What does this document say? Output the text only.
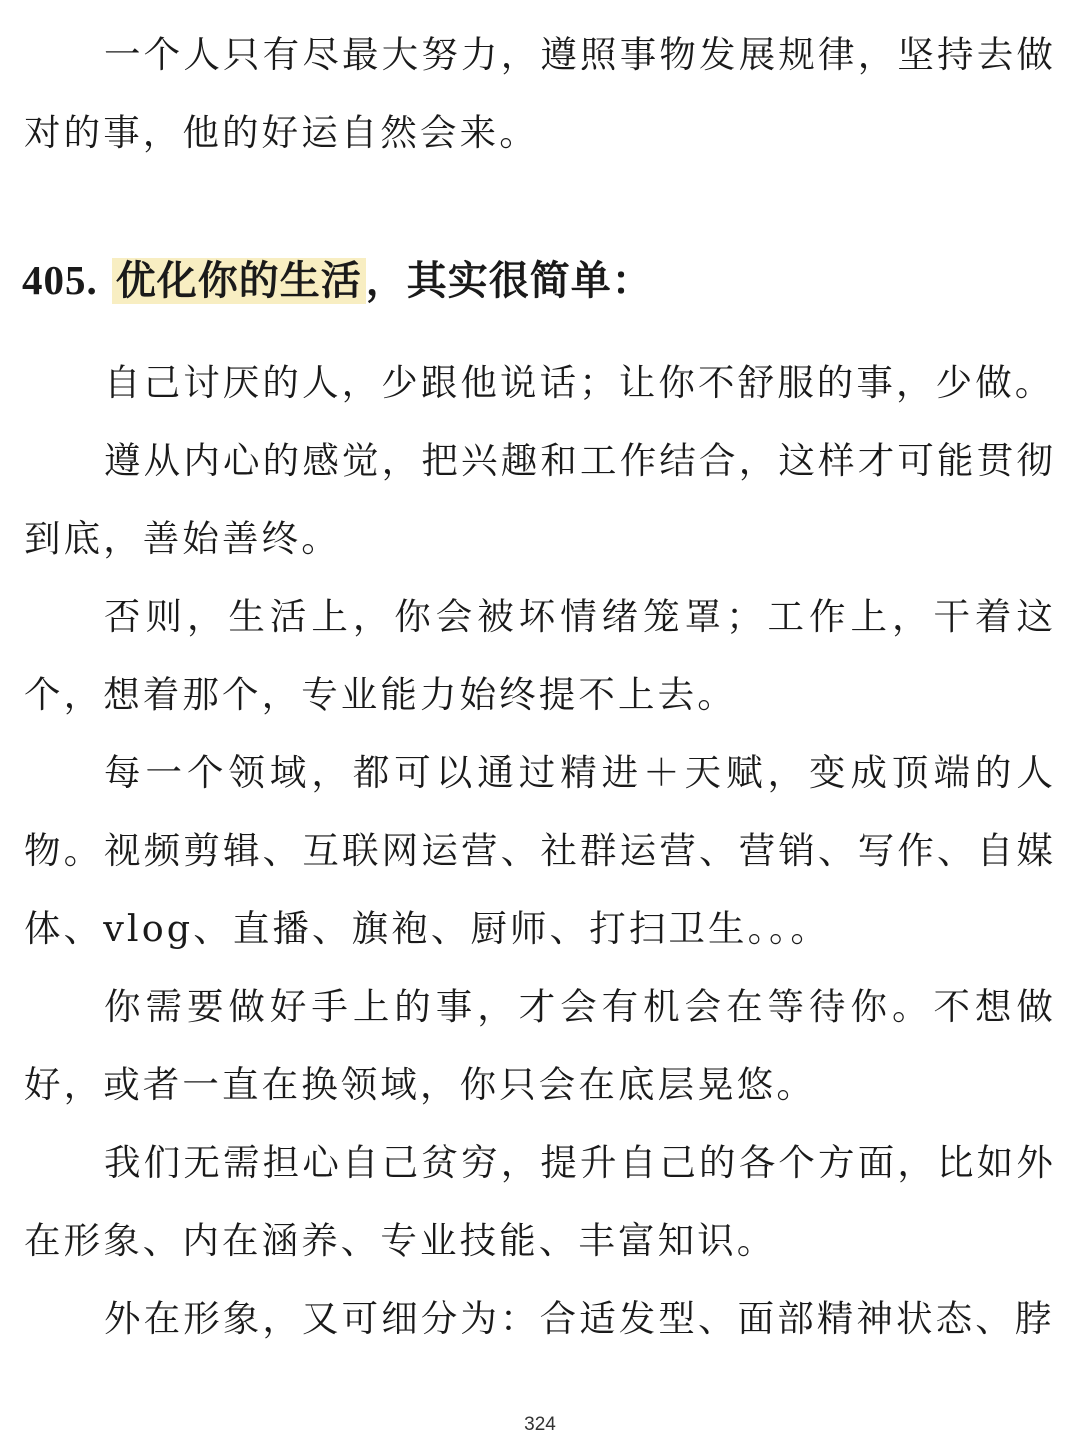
一个人只有尽最大努力，遵照事物发展规律，坚持去做对的事，他的好运自然会来。

405. 优化你的生活 ，其实很简单：

自己讨厌的人，少跟他说话；让你不舒服的事，少做。

遵从内心的感觉，把兴趣和工作结合，这样才可能贯彻到底，善始善终。

否则，生活上，你会被坏情绪笼罩；工作上，干着这个，想着那个，专业能力始终提不上去。

每一个领域，都可以通过精进＋天赋，变成顶端的人物。 视频剪辑、互联网运营、社群运营、营销、写作、自媒体、vlog、直播、旗袍、厨师、打扫卫生。。。

你需要做好手上的事，才会有机会在等待你。不想做好，或者一直在换领域，你只会在底层晃悠。

我们无需担心自己贫穷，提升自己的各个方面，比如外在形象、内在涵养、专业技能、丰富知识。

外在形象，又可细分为：合适发型、面部精神状态、脖

324
